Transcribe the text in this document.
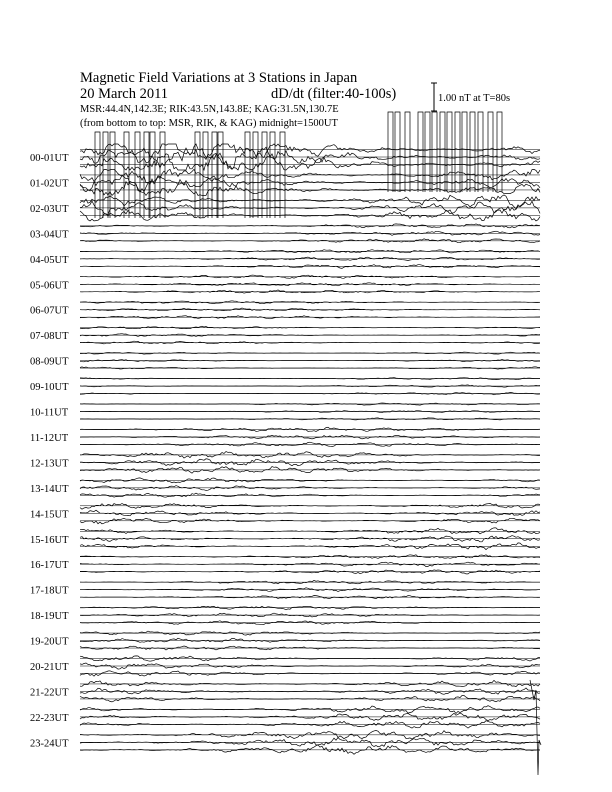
Magnetic Field Variations at 3 Stations in Japan
20 March 2011	dD/dt (filter:40-100s)
MSR:44.4N,142.3E; RIK:43.5N,143.8E; KAG:31.5N,130.7E
(from bottom to top: MSR, RIK, & KAG) midnight=1500UT
1.00 nT at T=80s
00-01UT
01-02UT
02-03UT
03-04UT
04-05UT
05-06UT
06-07UT
07-08UT
08-09UT
09-10UT
10-11UT
11-12UT
12-13UT
13-14UT
14-15UT
15-16UT
16-17UT
17-18UT
18-19UT
19-20UT
20-21UT
21-22UT
22-23UT
23-24UT
